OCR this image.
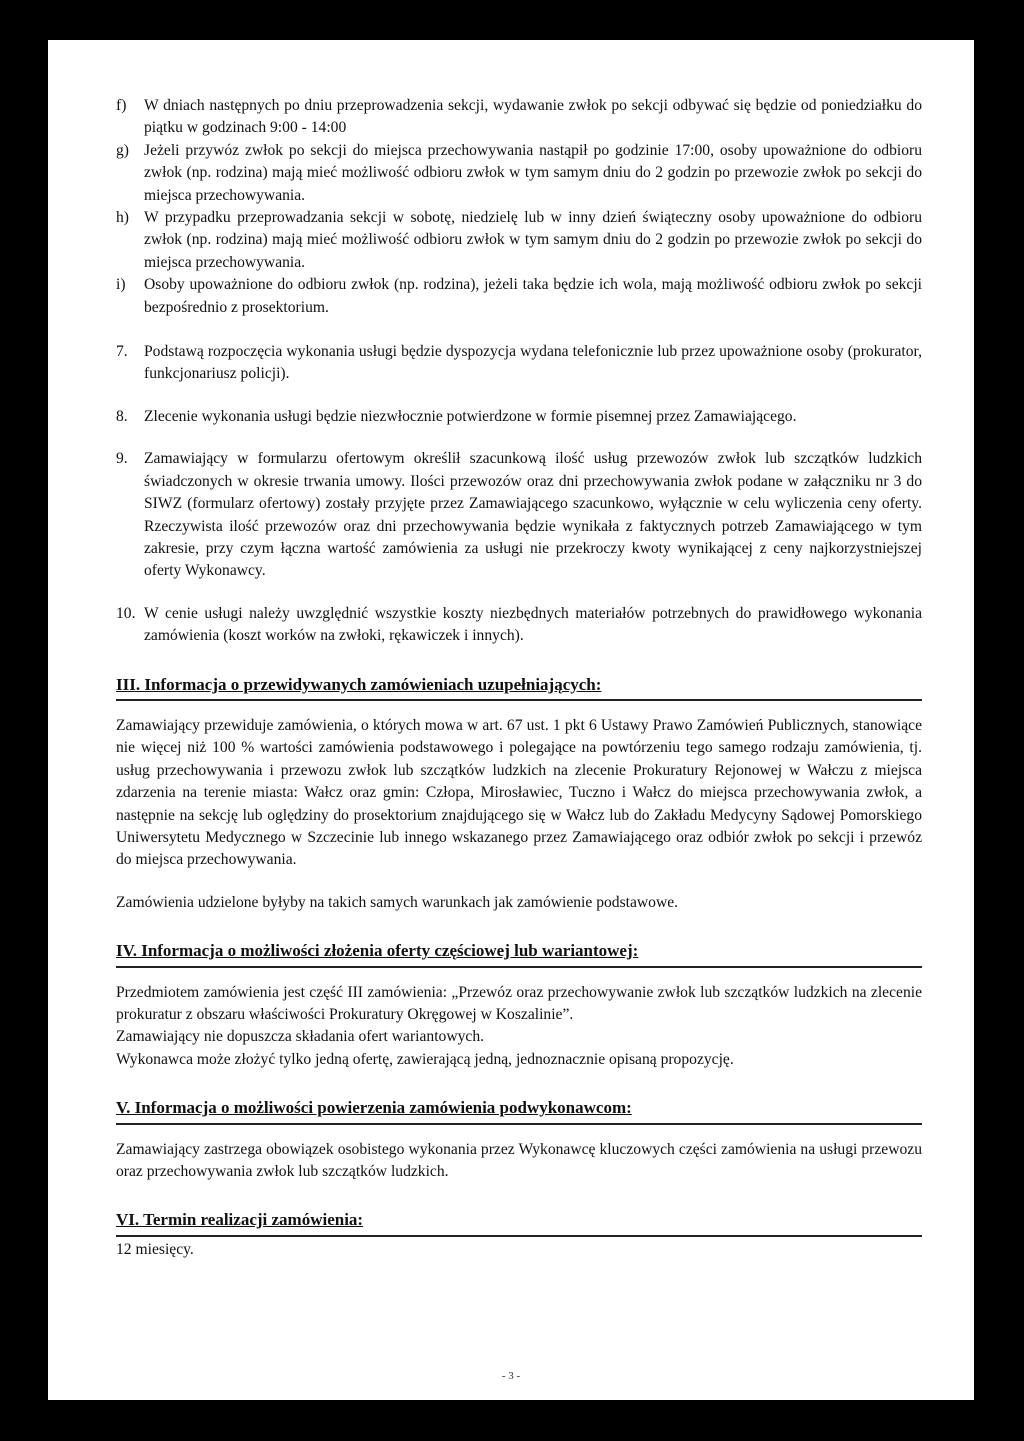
f)	W dniach następnych po dniu przeprowadzenia sekcji, wydawanie zwłok po sekcji odbywać się będzie od poniedziałku do piątku w godzinach 9:00 - 14:00
g) Jeżeli przywóz zwłok po sekcji do miejsca przechowywania nastąpił po godzinie 17:00, osoby upoważnione do odbioru zwłok (np. rodzina) mają mieć możliwość odbioru zwłok w tym samym dniu do 2 godzin po przewozie zwłok po sekcji do miejsca przechowywania.
h) W przypadku przeprowadzania sekcji w sobotę, niedzielę lub w inny dzień świąteczny osoby upoważnione do odbioru zwłok (np. rodzina) mają mieć możliwość odbioru zwłok w tym samym dniu do 2 godzin po przewozie zwłok po sekcji do miejsca przechowywania.
i)	Osoby upoważnione do odbioru zwłok (np. rodzina), jeżeli taka będzie ich wola, mają możliwość odbioru zwłok po sekcji bezpośrednio z prosektorium.
7.	Podstawą rozpoczęcia wykonania usługi będzie dyspozycja wydana telefonicznie lub przez upoważnione osoby (prokurator, funkcjonariusz policji).
8.	Zlecenie wykonania usługi będzie niezwłocznie potwierdzone w formie pisemnej przez Zamawiającego.
9.	Zamawiający w formularzu ofertowym określił szacunkową ilość usług przewozów zwłok lub szczątków ludzkich świadczonych w okresie trwania umowy. Ilości przewozów oraz dni przechowywania zwłok podane w załączniku nr 3 do SIWZ (formularz ofertowy) zostały przyjęte przez Zamawiającego szacunkowo, wyłącznie w celu wyliczenia ceny oferty. Rzeczywista ilość przewozów oraz dni przechowywania będzie wynikała z faktycznych potrzeb Zamawiającego w tym zakresie, przy czym łączna wartość zamówienia za usługi nie przekroczy kwoty wynikającej z ceny najkorzystniejszej oferty Wykonawcy.
10. W cenie usługi należy uwzględnić wszystkie koszty niezbędnych materiałów potrzebnych do prawidłowego wykonania zamówienia (koszt worków na zwłoki, rękawiczek i innych).
III. Informacja o przewidywanych zamówieniach uzupełniających:
Zamawiający przewiduje zamówienia, o których mowa w art. 67 ust. 1 pkt 6 Ustawy Prawo Zamówień Publicznych, stanowiące nie więcej niż 100 % wartości zamówienia podstawowego i polegające na powtórzeniu tego samego rodzaju zamówienia, tj. usług przechowywania i przewozu zwłok lub szczątków ludzkich na zlecenie Prokuratury Rejonowej w Wałczu z miejsca zdarzenia na terenie miasta: Wałcz oraz gmin: Człopa, Mirosławiec, Tuczno i Wałcz do miejsca przechowywania zwłok, a następnie na sekcję lub oględziny do prosektorium znajdującego się w Wałcz lub do Zakładu Medycyny Sądowej Pomorskiego Uniwersytetu Medycznego w Szczecinie lub innego wskazanego przez Zamawiającego oraz odbiór zwłok po sekcji i przewóz do miejsca przechowywania.
Zamówienia udzielone byłyby na takich samych warunkach jak zamówienie podstawowe.
IV. Informacja o możliwości złożenia oferty częściowej lub wariantowej:
Przedmiotem zamówienia jest część III zamówienia: „Przewóz oraz przechowywanie zwłok lub szczątków ludzkich na zlecenie prokuratur z obszaru właściwości Prokuratury Okręgowej w Koszalinie”.
Zamawiający nie dopuszcza składania ofert wariantowych.
Wykonawca może złożyć tylko jedną ofertę, zawierającą jedną, jednoznacznie opisaną propozycję.
V. Informacja o możliwości powierzenia zamówienia podwykonawcom:
Zamawiający zastrzega obowiązek osobistego wykonania przez Wykonawcę kluczowych części zamówienia na usługi przewozu oraz przechowywania zwłok lub szczątków ludzkich.
VI. Termin realizacji zamówienia:
12 miesięcy.
- 3 -
